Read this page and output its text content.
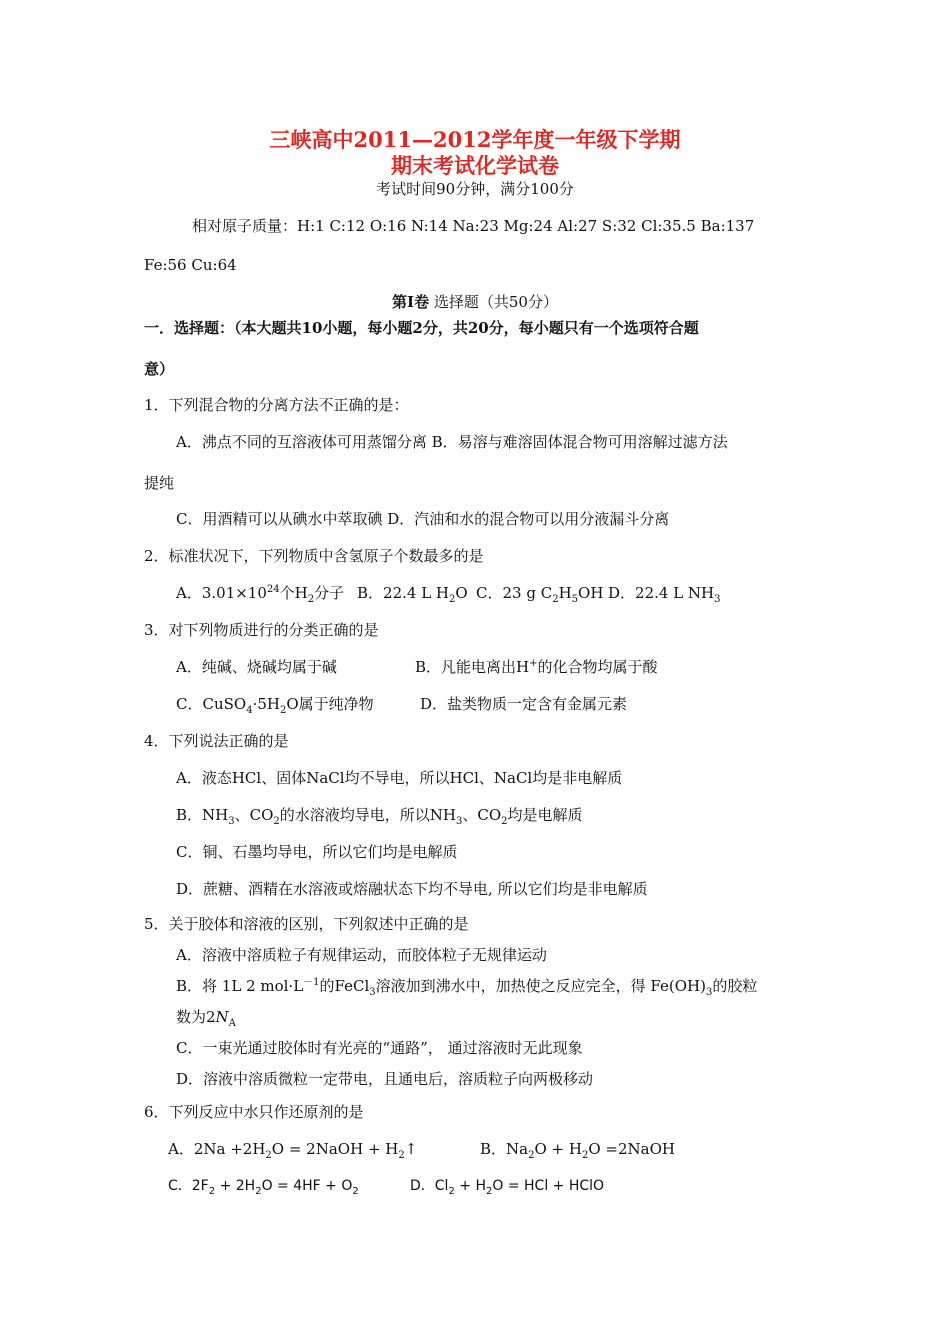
三峡高中2011—2012学年度一年级下学期
期末考试化学试卷
考试时间90分钟，满分100分
相对原子质量：H:1 C:12 O:16 N:14 Na:23 Mg:24 Al:27 S:32 Cl:35.5 Ba:137
Fe:56 Cu:64
第Ⅰ卷 选择题（共50分）
一．选择题：（本大题共10小题，每小题2分，共20分，每小题只有一个选项符合题
意）
1．下列混合物的分离方法不正确的是：
A．沸点不同的互溶液体可用蒸馏分离 B．易溶与难溶固体混合物可用溶解过滤方法
提纯
C．用酒精可以从碘水中萃取碘 D．汽油和水的混合物可以用分液漏斗分离
2．标准状况下，下列物质中含氢原子个数最多的是
A．$3.01\times 10^{24}$个$H_2$分子 B．22.4 L $H_2O$ C．23 g $C_2H_5OH$ D．22.4 L $NH_3$
3．对下列物质进行的分类正确的是
A．纯碱、烧碱均属于碱	B．凡能电离出H+的化合物均属于酸
C．$CuSO_4\cdot 5H_2O$属于纯净物	D．盐类物质一定含有金属元素
4．下列说法正确的是
A．液态HCl、固体NaCl均不导电，所以HCl、NaCl均是非电解质
B．$NH_3$、$CO_2$的水溶液均导电，所以$NH_3$、$CO_2$均是电解质
C．铜、石墨均导电，所以它们均是电解质
D．蔗糖、酒精在水溶液或熔融状态下均不导电, 所以它们均是非电解质
5．关于胶体和溶液的区别，下列叙述中正确的是
A．溶液中溶质粒子有规律运动，而胶体粒子无规律运动
B．将 1L 2 $mol\cdot L^{-1}$的FeCl$_3$溶液加到沸水中，加热使之反应完全，得 $Fe(OH)_3$的胶粒
数为$2N_A$
C．一束光通过胶体时有光亮的“通路”， 通过溶液时无此现象
D．溶液中溶质微粒一定带电，且通电后，溶质粒子向两极移动
6．下列反应中水只作还原剂的是
A．$2Na +2H_2O$ = 2NaOH + $H_2↑$	B．$Na_2O + H_2O$ =2NaOH
C．$2F_2 + 2H_2O = 4HF + O_2$	D．$Cl_2 + H_2O$ = HCl + HClO
